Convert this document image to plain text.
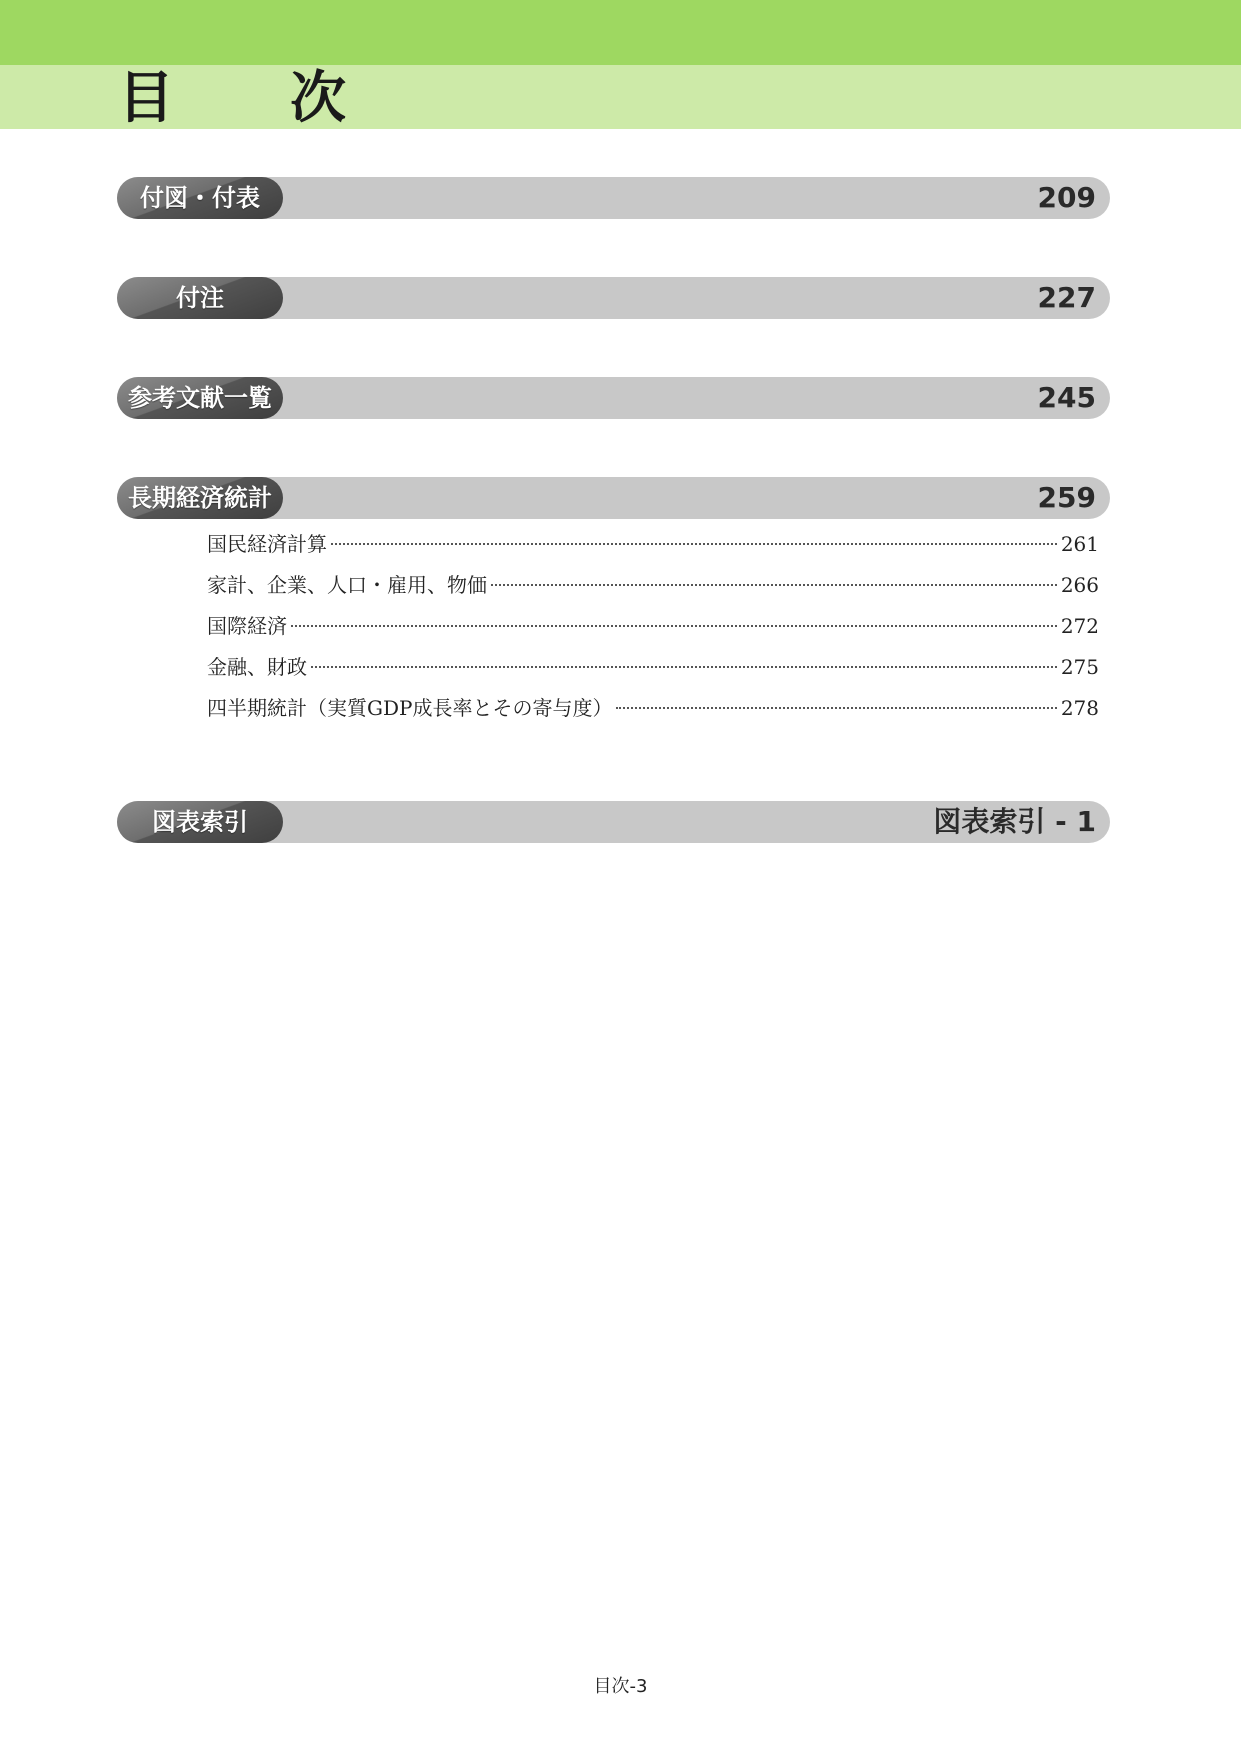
目　次
付図・付表	209
付注	227
参考文献一覧	245
長期経済統計	259
国民経済計算	261
家計、企業、人口・雇用、物価	266
国際経済	272
金融、財政	275
四半期統計（実質GDP成長率とその寄与度）	278
図表索引	図表索引 - 1
目次-3
